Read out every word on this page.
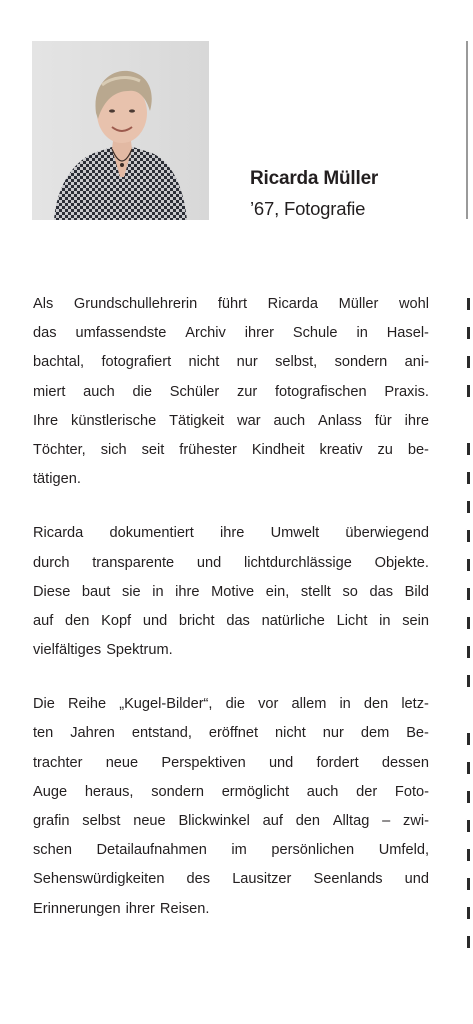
Ricarda Müller
’67, Fotografie
Als Grundschullehrerin führt Ricarda Müller wohl
das umfassendste Archiv ihrer Schule in Hasel-
bachtal, fotografiert nicht nur selbst, sondern ani-
miert auch die Schüler zur fotografischen Praxis.
Ihre künstlerische Tätigkeit war auch Anlass für ihre
Töchter, sich seit frühester Kindheit kreativ zu be-
tätigen.
Ricarda dokumentiert ihre Umwelt überwiegend
durch transparente und lichtdurchlässige Objekte.
Diese baut sie in ihre Motive ein, stellt so das Bild
auf den Kopf und bricht das natürliche Licht in sein
vielfältiges Spektrum.
Die Reihe „Kugel-Bilder“, die vor allem in den letz-
ten Jahren entstand, eröffnet nicht nur dem Be-
trachter neue Perspektiven und fordert dessen
Auge heraus, sondern ermöglicht auch der Foto-
grafin selbst neue Blickwinkel auf den Alltag – zwi-
schen Detailaufnahmen im persönlichen Umfeld,
Sehenswürdigkeiten des Lausitzer Seenlands und
Erinnerungen ihrer Reisen.
